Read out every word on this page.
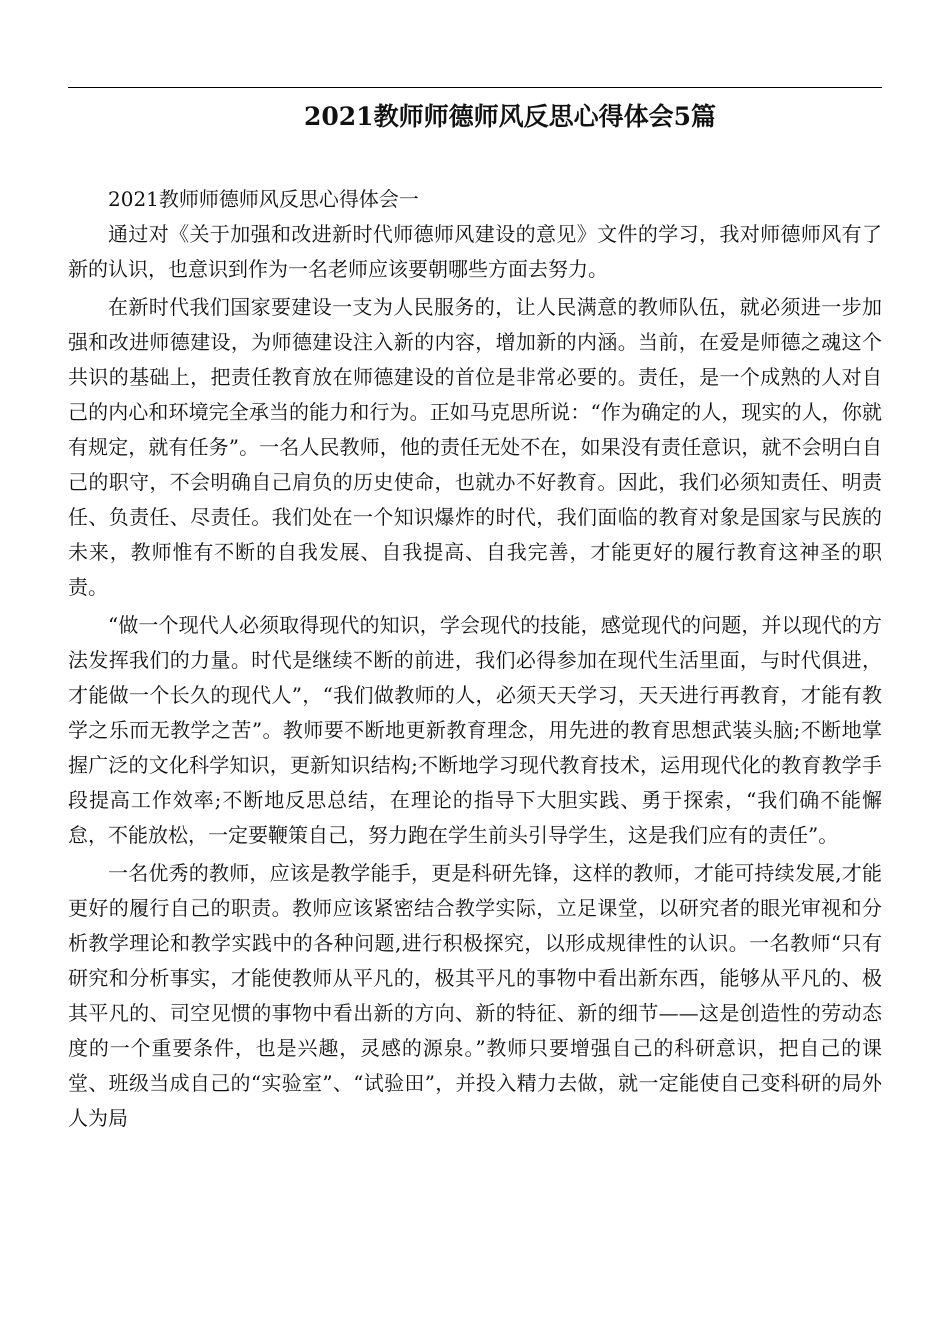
2021教师师德师风反思心得体会5篇
2021教师师德师风反思心得体会一

通过对《关于加强和改进新时代师德师风建设的意见》文件的学习，我对师德师风有了新的认识，也意识到作为一名老师应该要朝哪些方面去努力。

在新时代我们国家要建设一支为人民服务的，让人民满意的教师队伍，就必须进一步加强和改进师德建设，为师德建设注入新的内容，增加新的内涵。当前，在爱是师德之魂这个共识的基础上，把责任教育放在师德建设的首位是非常必要的。责任，是一个成熟的人对自己的内心和环境完全承当的能力和行为。正如马克思所说：“作为确定的人，现实的人，你就有规定，就有任务”。一名人民教师，他的责任无处不在，如果没有责任意识，就不会明白自己的职守，不会明确自己肩负的历史使命，也就办不好教育。因此，我们必须知责任、明责任、负责任、尽责任。我们处在一个知识爆炸的时代，我们面临的教育对象是国家与民族的未来，教师惟有不断的自我发展、自我提高、自我完善，才能更好的履行教育这神圣的职责。

“做一个现代人必须取得现代的知识，学会现代的技能，感觉现代的问题，并以现代的方法发挥我们的力量。时代是继续不断的前进，我们必得参加在现代生活里面，与时代俱进，才能做一个长久的现代人”，“我们做教师的人，必须天天学习，天天进行再教育，才能有教学之乐而无教学之苦”。教师要不断地更新教育理念，用先进的教育思想武装头脑;不断地掌握广泛的文化科学知识，更新知识结构;不断地学习现代教育技术，运用现代化的教育教学手段提高工作效率;不断地反思总结，在理论的指导下大胆实践、勇于探索，“我们确不能懈怠，不能放松，一定要鞭策自己，努力跑在学生前头引导学生，这是我们应有的责任”。

一名优秀的教师，应该是教学能手，更是科研先锋，这样的教师，才能可持续发展,才能更好的履行自己的职责。教师应该紧密结合教学实际，立足课堂，以研究者的眼光审视和分析教学理论和教学实践中的各种问题,进行积极探究，以形成规律性的认识。一名教师“只有研究和分析事实，才能使教师从平凡的，极其平凡的事物中看出新东西，能够从平凡的、极其平凡的、司空见惯的事物中看出新的方向、新的特征、新的细节——这是创造性的劳动态度的一个重要条件，也是兴趣，灵感的源泉。”教师只要增强自己的科研意识，把自己的课堂、班级当成自己的“实验室”、“试验田”，并投入精力去做，就一定能使自己变科研的局外人为局
